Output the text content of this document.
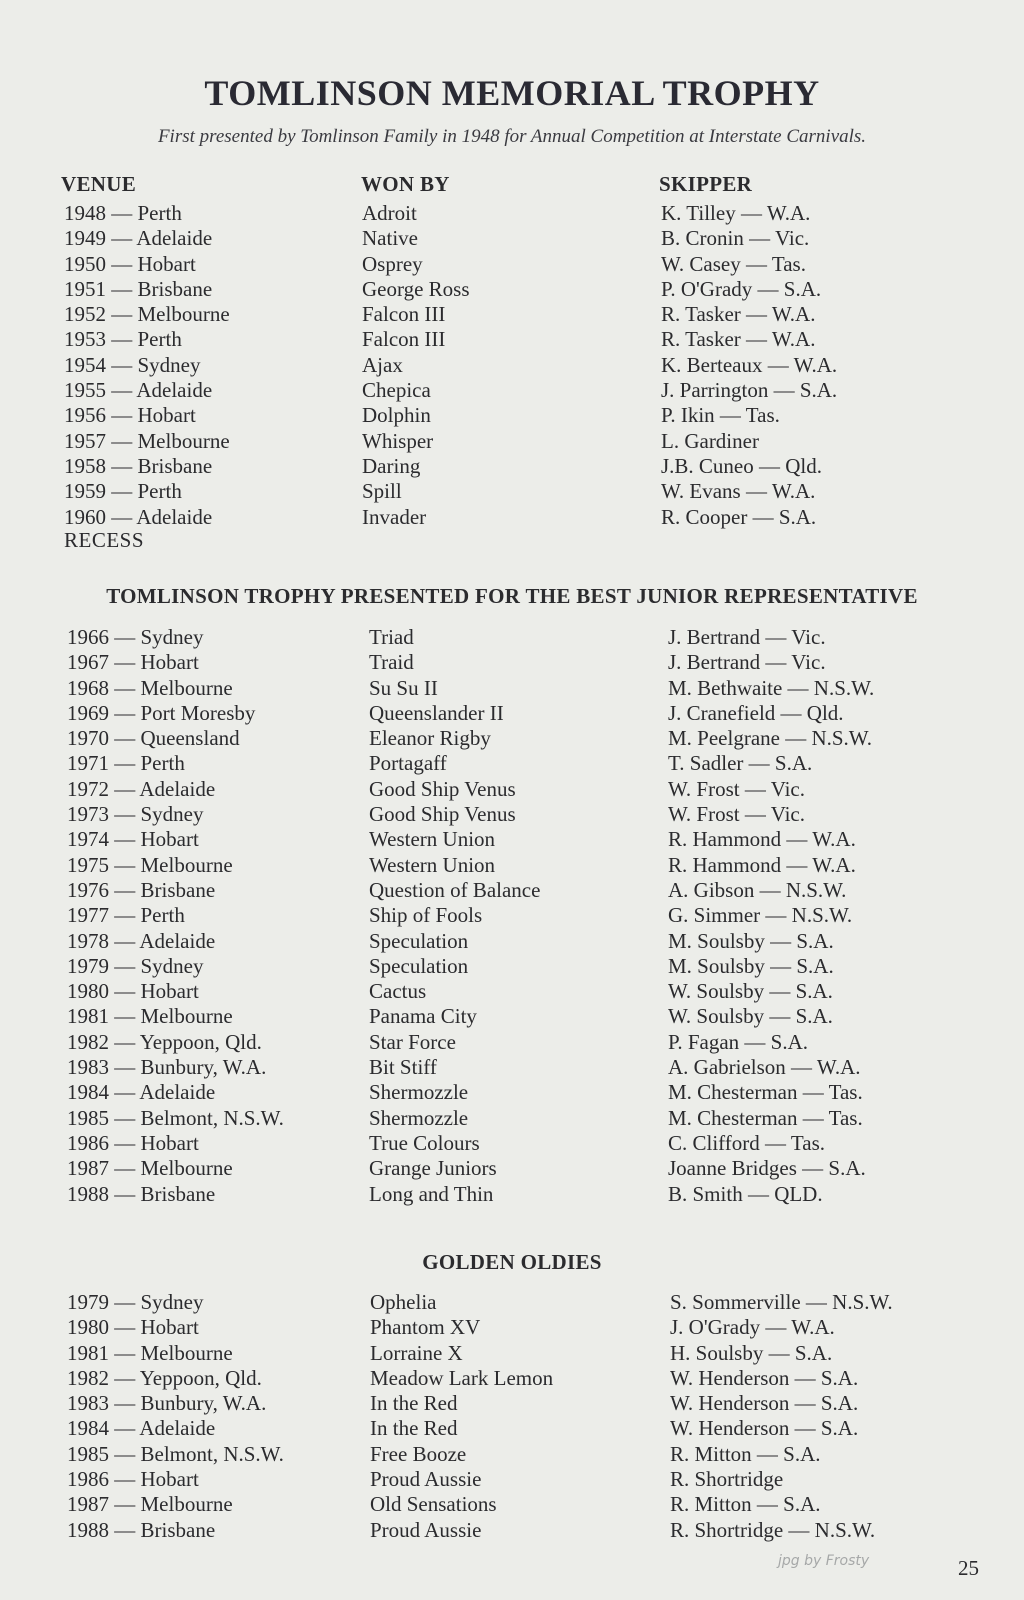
TOMLINSON MEMORIAL TROPHY
First presented by Tomlinson Family in 1948 for Annual Competition at Interstate Carnivals.
VENUE	WON BY	SKIPPER
1948 — Perth	Adroit	K. Tilley — W.A.
1949 — Adelaide	Native	B. Cronin — Vic.
1950 — Hobart	Osprey	W. Casey — Tas.
1951 — Brisbane	George Ross	P. O'Grady — S.A.
1952 — Melbourne	Falcon III	R. Tasker — W.A.
1953 — Perth	Falcon III	R. Tasker — W.A.
1954 — Sydney	Ajax	K. Berteaux — W.A.
1955 — Adelaide	Chepica	J. Parrington — S.A.
1956 — Hobart	Dolphin	P. Ikin — Tas.
1957 — Melbourne	Whisper	L. Gardiner
1958 — Brisbane	Daring	J.B. Cuneo — Qld.
1959 — Perth	Spill	W. Evans — W.A.
1960 — Adelaide	Invader	R. Cooper — S.A.
RECESS
TOMLINSON TROPHY PRESENTED FOR THE BEST JUNIOR REPRESENTATIVE
1966 — Sydney	Triad	J. Bertrand — Vic.
1967 — Hobart	Traid	J. Bertrand — Vic.
1968 — Melbourne	Su Su II	M. Bethwaite — N.S.W.
1969 — Port Moresby	Queenslander II	J. Cranefield — Qld.
1970 — Queensland	Eleanor Rigby	M. Peelgrane — N.S.W.
1971 — Perth	Portagaff	T. Sadler — S.A.
1972 — Adelaide	Good Ship Venus	W. Frost — Vic.
1973 — Sydney	Good Ship Venus	W. Frost — Vic.
1974 — Hobart	Western Union	R. Hammond — W.A.
1975 — Melbourne	Western Union	R. Hammond — W.A.
1976 — Brisbane	Question of Balance	A. Gibson — N.S.W.
1977 — Perth	Ship of Fools	G. Simmer — N.S.W.
1978 — Adelaide	Speculation	M. Soulsby — S.A.
1979 — Sydney	Speculation	M. Soulsby — S.A.
1980 — Hobart	Cactus	W. Soulsby — S.A.
1981 — Melbourne	Panama City	W. Soulsby — S.A.
1982 — Yeppoon, Qld.	Star Force	P. Fagan — S.A.
1983 — Bunbury, W.A.	Bit Stiff	A. Gabrielson — W.A.
1984 — Adelaide	Shermozzle	M. Chesterman — Tas.
1985 — Belmont, N.S.W.	Shermozzle	M. Chesterman — Tas.
1986 — Hobart	True Colours	C. Clifford — Tas.
1987 — Melbourne	Grange Juniors	Joanne Bridges — S.A.
1988 — Brisbane	Long and Thin	B. Smith — QLD.
GOLDEN OLDIES
1979 — Sydney	Ophelia	S. Sommerville — N.S.W.
1980 — Hobart	Phantom XV	J. O'Grady — W.A.
1981 — Melbourne	Lorraine X	H. Soulsby — S.A.
1982 — Yeppoon, Qld.	Meadow Lark Lemon	W. Henderson — S.A.
1983 — Bunbury, W.A.	In the Red	W. Henderson — S.A.
1984 — Adelaide	In the Red	W. Henderson — S.A.
1985 — Belmont, N.S.W.	Free Booze	R. Mitton — S.A.
1986 — Hobart	Proud Aussie	R. Shortridge
1987 — Melbourne	Old Sensations	R. Mitton — S.A.
1988 — Brisbane	Proud Aussie	R. Shortridge — N.S.W.
jpg by Frosty	25
